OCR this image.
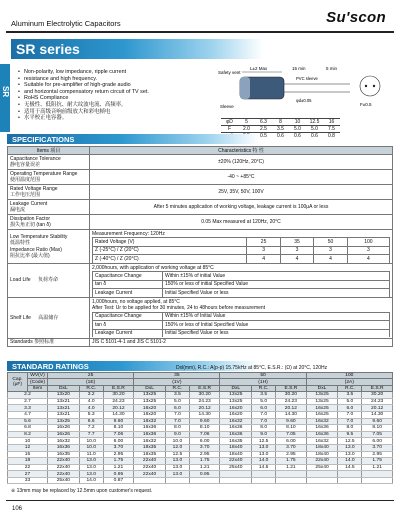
Aluminum Electrolytic Capacitors	Su'scon
SR
SR series
• Non-polarity, low impedance, ripple current
• resistance and high frequency.
• Suitable for pre-amplifier of high-grade audio
• and horizontal compensatory return circuit of TV set.
• RoHS Compliance
• 无极性、低阻抗、耐大纹波电流、高频率。
• 适用于高级音响前级放大和彩电帧电
• 水平校正电容器。
Safety vent
L±2 Max	15 min	5 min
Sleeve
PVC sleeve
φd±0.05
F±0.5
φD	5	6.3	8	10	12.5	16
F	2.0	2.5	3.5	5.0	5.0	7.5
		0.5	0.6	0.6	0.6	0.8
SPECIFICATIONS
Items 项目	Characteristics 特 性

Capacitance Tolerance
静电容量误差
	±20% (120Hz, 20°C)

Operating Temperature Range
使用温度范围
	-40 ~ +85°C

Rated Voltage Range
工作电压范围
	25V, 35V, 50V, 100V

Leakage Current
漏电流
	After 5 minutes application of working voltage, leakage current is 100μA or less

Dissipation Factor
损失角正切 (tan δ)
	0.05 Max measured at 120Hz, 20°C

Low Temperature Stability
低温特性
Impedance Ratio (Max)
阻抗比率 (最大值)

Measurement Frequency: 120Hz
Rated Voltage (V)	25	35	50	100
Z (-25°C) / Z (20°C)	3	3	3	3
Z (-40°C) / Z (20°C)	4	4	4	4

Load Life 负荷寿命	
2,000hours, with application of working voltage at 85°C
Capacitance Change	Within ±15% of initial Value
tan δ	150% or less of initial Specified Value
Leakage Current	Initial Specified Value or less

Shelf Life 高温储存	
1,000hours, no voltage applied, at 85°C
After Test: Ur to be applied for 30 minutes, 24 to 48hours before measurement
Capacitance Change	Within ±15% of Initial Value
tan δ	150% or less of Initial Specified Value
Leakage Current	Initial Specified Value or less

Standards 参照标准	JIS C 5101-4-1 and JIS C 5101-2
STANDARD RATINGS	Dxl(mm), R.C.: A(p-p) 15.75kHz at 85°C, E.S.R.: (Ω) at 20°C, 120Hz
Cap.
(μF)	WV(V)	25			35			50			100		
	(Code)	(1E)			(1V)			(1H)			(2A)		
	Item	DxL	R.C.	E.S.R	DxL	R.C.	E.S.R	DxL	R.C.	E.S.R	DxL	R.C.	E.S.R
2.2		13x20	3.2	30.20	13x25	3.5	30.20	13x25	3.5	30.20	13x25	3.5	30.20
2.7		13x21	4.0	24.23	13x25	5.0	24.23	13x25	5.0	24.23	13x25	5.0	24.23
3.3		13x21	4.0	20.12	16x20	6.0	20.12	16x20	6.0	20.12	16x25	6.0	20.12
4.7		13x21	5.3	14.30	16x20	7.0	14.30	16x20	7.0	14.30	16x25	7.0	14.30
5.6		13x25	6.6	9.60	16x32	7.0	9.60	16x32	7.0	9.60	16x32	7.0	9.60
6.8		16x26	7.2	8.10	16x36	8.0	8.10	16x36	8.0	8.10	16x36	8.0	8.10
8.2		16x26	7.7	7.06	16x36	9.0	7.06	16x36	9.0	7.05	16x36	9.5	7.05
10		16x32	10.0	6.00	16x32	10.0	6.00	16x35	12.5	6.00	16x32	12.5	6.00
12		16x36	10.0	3.70	18x35	12.0	3.70	18x40	13.0	3.70	18x40	13.0	3.70
15		16x35	11.0	2.95	16x35	12.5	2.95	18x40	13.0	2.95	18x40	13.0	2.95
18		22x40	13.0	1.75	22x40	13.0	1.75	22x40	14.0	1.75	22x40	14.0	1.75
22		22x40	13.0	1.21	22x40	13.0	1.21	25x40	14.5	1.21	25x40	14.5	1.21
27		22x40	13.0	0.95	22x40	13.0	0.95						
33		25x40	14.0	0.87									
※ 13mm may be replaced by 12.5mm upon customer's request.
106
